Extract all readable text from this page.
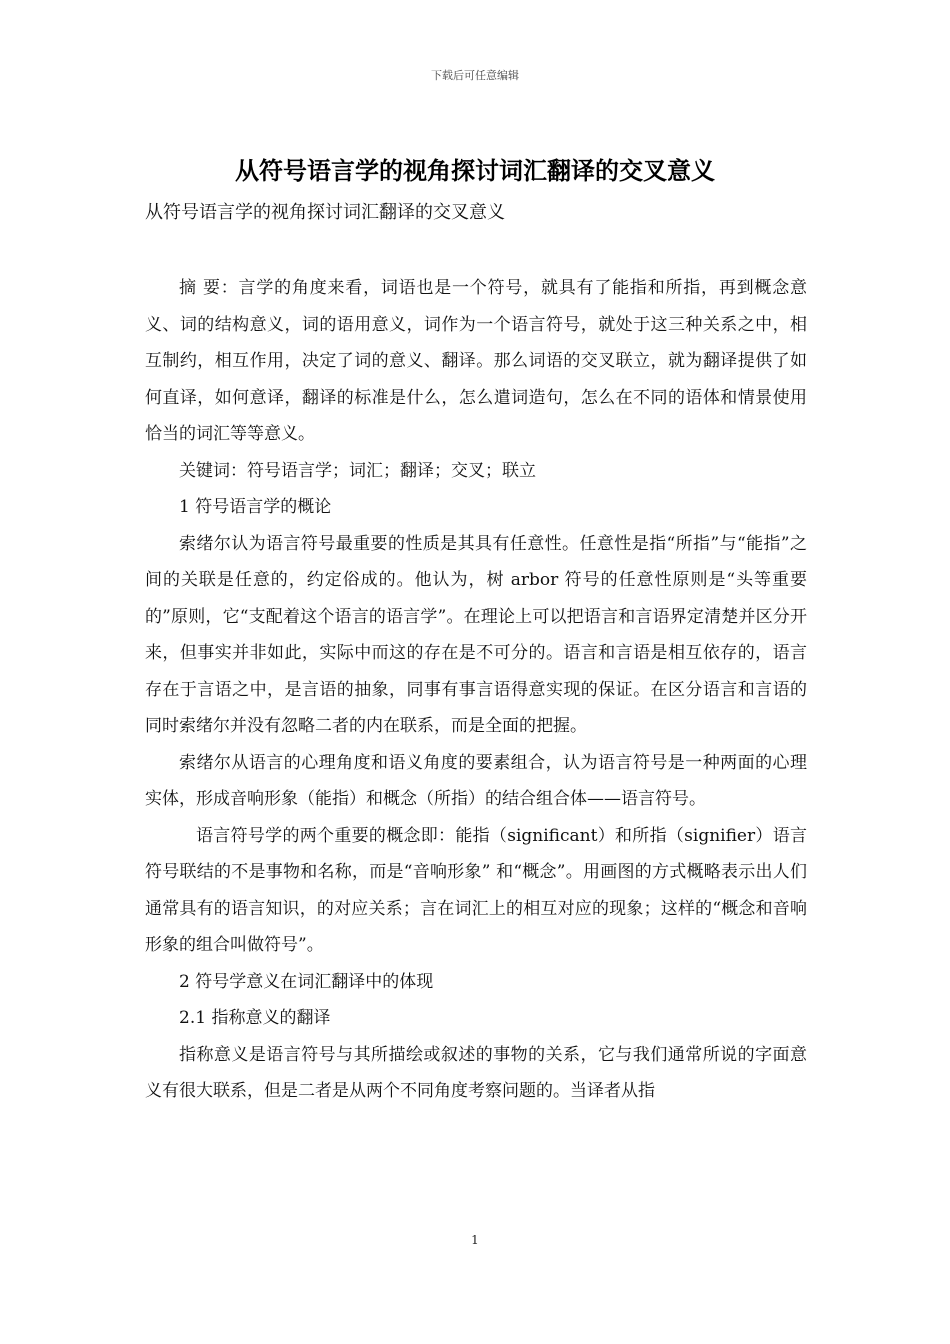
下载后可任意编辑
从符号语言学的视角探讨词汇翻译的交叉意义
从符号语言学的视角探讨词汇翻译的交叉意义

摘 要：言学的角度来看，词语也是一个符号，就具有了能指和所指，再到概念意义、词的结构意义，词的语用意义，词作为一个语言符号，就处于这三种关系之中，相互制约，相互作用，决定了词的意义、翻译。那么词语的交叉联立，就为翻译提供了如何直译，如何意译，翻译的标准是什么，怎么遣词造句，怎么在不同的语体和情景使用恰当的词汇等等意义。

关键词：符号语言学；词汇；翻译；交叉；联立

1 符号语言学的概论

索绪尔认为语言符号最重要的性质是其具有任意性。任意性是指“所指”与“能指”之间的关联是任意的，约定俗成的。他认为，树 arbor 符号的任意性原则是“头等重要的”原则，它“支配着这个语言的语言学”。在理论上可以把语言和言语界定清楚并区分开来，但事实并非如此，实际中而这的存在是不可分的。语言和言语是相互依存的，语言存在于言语之中，是言语的抽象，同事有事言语得意实现的保证。在区分语言和言语的同时索绪尔并没有忽略二者的内在联系，而是全面的把握。

索绪尔从语言的心理角度和语义角度的要素组合，认为语言符号是一种两面的心理实体，形成音响形象（能指）和概念（所指）的结合组合体——语言符号。

语言符号学的两个重要的概念即：能指（significant）和所指（signifier）语言符号联结的不是事物和名称，而是“音响形象” 和“概念”。用画图的方式概略表示出人们通常具有的语言知识，的对应关系；言在词汇上的相互对应的现象；这样的“概念和音响形象的组合叫做符号”。

2 符号学意义在词汇翻译中的体现

2.1 指称意义的翻译

指称意义是语言符号与其所描绘或叙述的事物的关系，它与我们通常所说的字面意义有很大联系，但是二者是从两个不同角度考察问题的。当译者从指

1
